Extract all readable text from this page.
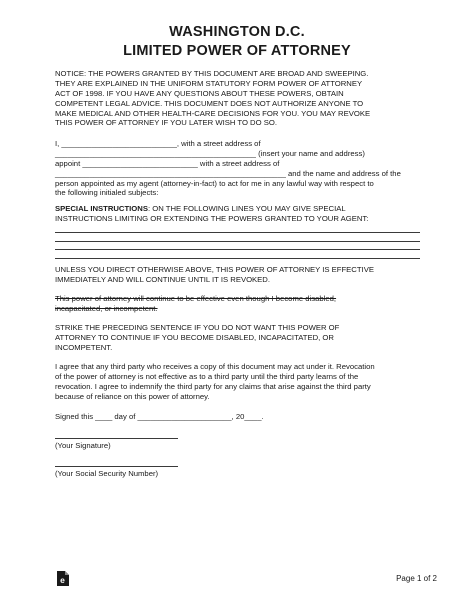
WASHINGTON D.C.
LIMITED POWER OF ATTORNEY
NOTICE: THE POWERS GRANTED BY THIS DOCUMENT ARE BROAD AND SWEEPING.
THEY ARE EXPLAINED IN THE UNIFORM STATUTORY FORM POWER OF ATTORNEY
ACT OF 1998. IF YOU HAVE ANY QUESTIONS ABOUT THESE POWERS, OBTAIN
COMPETENT LEGAL ADVICE. THIS DOCUMENT DOES NOT AUTHORIZE ANYONE TO
MAKE MEDICAL AND OTHER HEALTH-CARE DECISIONS FOR YOU. YOU MAY REVOKE
THIS POWER OF ATTORNEY IF YOU LATER WISH TO DO SO.
I, ___________________________, with a street address of
_______________________________________________ (insert your name and address)
appoint ___________________________ with a street address of
______________________________________________________ and the name and address of the
person appointed as my agent (attorney-in-fact) to act for me in any lawful way with respect to
the following initialed subjects:
SPECIAL INSTRUCTIONS: ON THE FOLLOWING LINES YOU MAY GIVE SPECIAL
INSTRUCTIONS LIMITING OR EXTENDING THE POWERS GRANTED TO YOUR AGENT:
UNLESS YOU DIRECT OTHERWISE ABOVE, THIS POWER OF ATTORNEY IS EFFECTIVE
IMMEDIATELY AND WILL CONTINUE UNTIL IT IS REVOKED.
This power of attorney will continue to be effective even though I become disabled,
incapacitated, or incompetent.
STRIKE THE PRECEDING SENTENCE IF YOU DO NOT WANT THIS POWER OF
ATTORNEY TO CONTINUE IF YOU BECOME DISABLED, INCAPACITATED, OR
INCOMPETENT.
I agree that any third party who receives a copy of this document may act under it. Revocation
of the power of attorney is not effective as to a third party until the third party learns of the
revocation. I agree to indemnify the third party for any claims that arise against the third party
because of reliance on this power of attorney.
Signed this ____ day of ______________________, 20____.
(Your Signature)
(Your Social Security Number)
e	Page 1 of 2
